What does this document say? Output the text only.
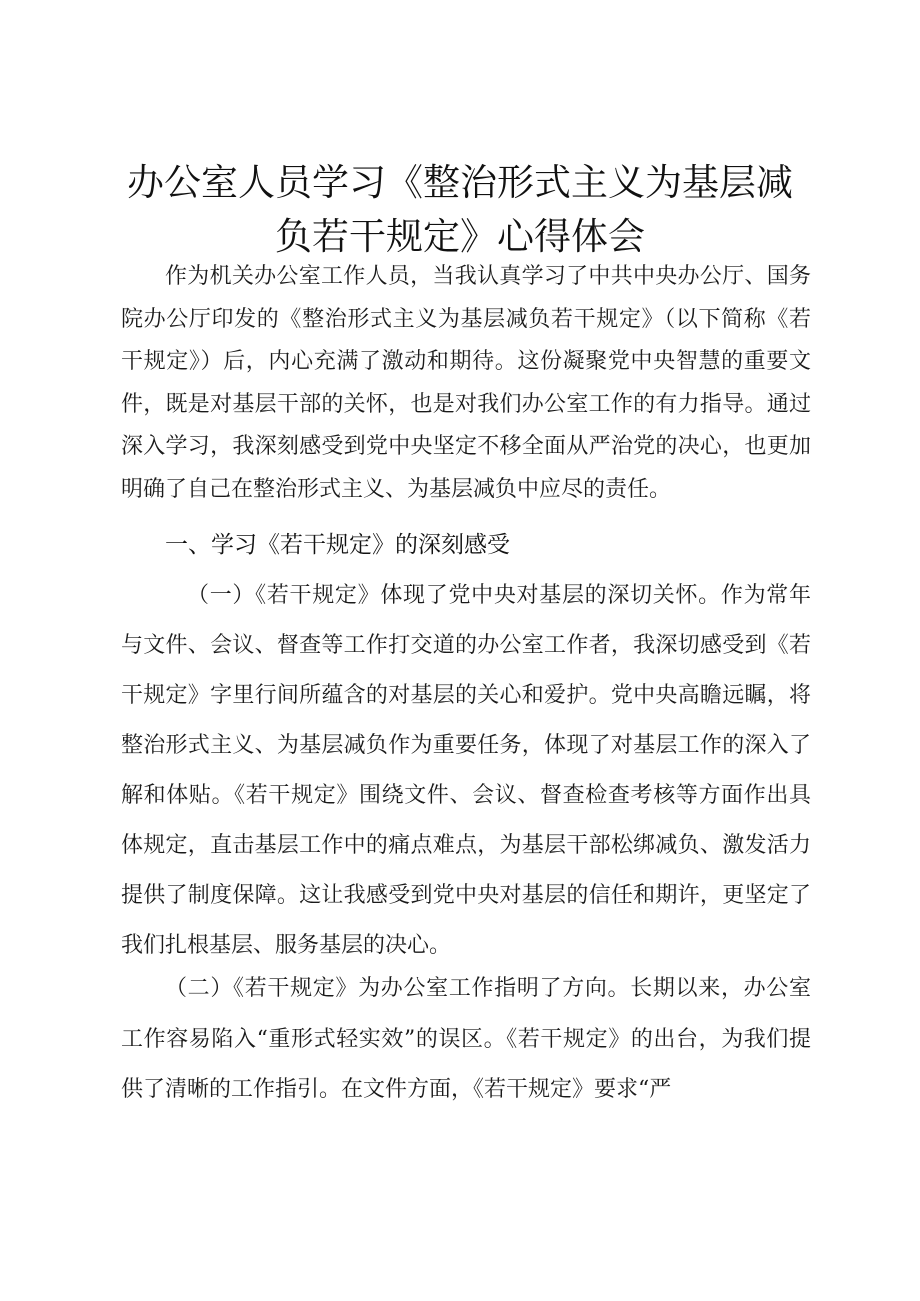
办公室人员学习《整治形式主义为基层减负若干规定》心得体会

作为机关办公室工作人员，当我认真学习了中共中央办公厅、国务院办公厅印发的《整治形式主义为基层减负若干规定》（以下简称《若干规定》）后，内心充满了激动和期待。这份凝聚党中央智慧的重要文件，既是对基层干部的关怀，也是对我们办公室工作的有力指导。通过深入学习，我深刻感受到党中央坚定不移全面从严治党的决心，也更加明确了自己在整治形式主义、为基层减负中应尽的责任。

一、学习《若干规定》的深刻感受

（一）《若干规定》体现了党中央对基层的深切关怀。作为常年与文件、会议、督查等工作打交道的办公室工作者，我深切感受到《若干规定》字里行间所蕴含的对基层的关心和爱护。党中央高瞻远瞩，将整治形式主义、为基层减负作为重要任务，体现了对基层工作的深入了解和体贴。《若干规定》围绕文件、会议、督查检查考核等方面作出具体规定，直击基层工作中的痛点难点，为基层干部松绑减负、激发活力提供了制度保障。这让我感受到党中央对基层的信任和期许，更坚定了我们扎根基层、服务基层的决心。

（二）《若干规定》为办公室工作指明了方向。长期以来，办公室工作容易陷入“重形式轻实效”的误区。《若干规定》的出台，为我们提供了清晰的工作指引。在文件方面，《若干规定》要求“严
